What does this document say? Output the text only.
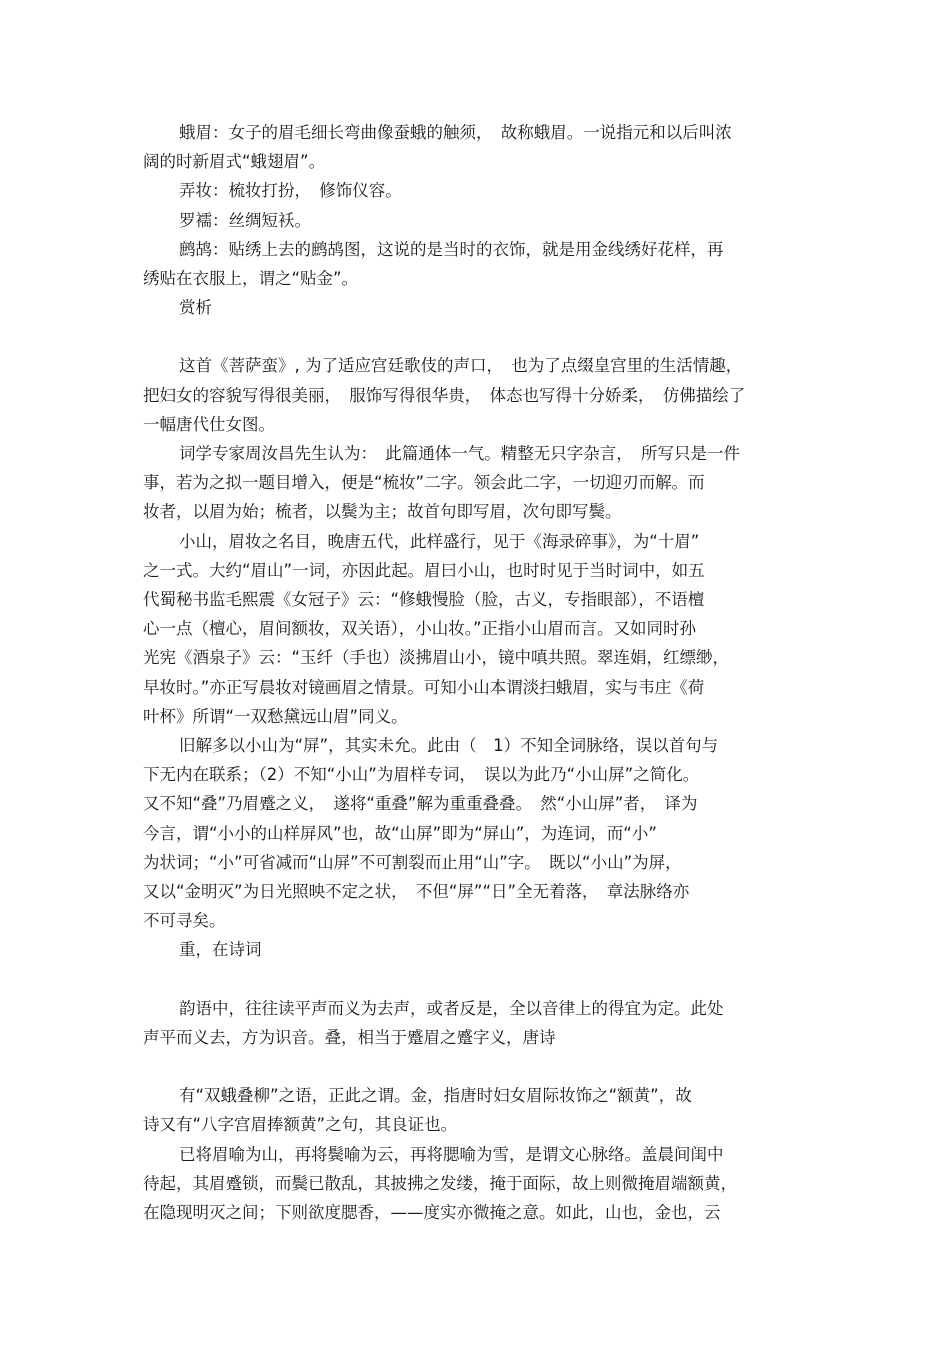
蛾眉：女子的眉毛细长弯曲像蚕蛾的触须，　故称蛾眉。一说指元和以后叫浓
阔的时新眉式“蛾翅眉”。
弄妆：梳妆打扮，　修饰仪容。
罗襦：丝绸短袄。
鹧鸪：贴绣上去的鹧鸪图，这说的是当时的衣饰，就是用金线绣好花样，再
绣贴在衣服上，谓之“贴金”。
赏析
这首《菩萨蛮》, 为了适应宫廷歌伎的声口，　也为了点缀皇宫里的生活情趣，
把妇女的容貌写得很美丽，　服饰写得很华贵，　体态也写得十分娇柔，　仿佛描绘了
一幅唐代仕女图。
词学专家周汝昌先生认为：　此篇通体一气。精整无只字杂言，　所写只是一件
事，若为之拟一题目增入，便是“梳妆”二字。领会此二字，一切迎刃而解。而
妆者，以眉为始；梳者，以鬓为主；故首句即写眉，次句即写鬓。
小山，眉妆之名目，晚唐五代，此样盛行，见于《海录碎事》，为“十眉”
之一式。大约“眉山”一词，亦因此起。眉曰小山，也时时见于当时词中，如五
代蜀秘书监毛熙震《女冠子》云：“修蛾慢脸（脸，古义，专指眼部），不语檀
心一点（檀心，眉间额妆，双关语），小山妆。”正指小山眉而言。又如同时孙
光宪《酒泉子》云：“玉纤（手也）淡拂眉山小，镜中嗔共照。翠连娟，红缥缈，
早妆时。”亦正写晨妆对镜画眉之情景。可知小山本谓淡扫蛾眉，实与韦庄《荷
叶杯》所谓“一双愁黛远山眉”同义。
旧解多以小山为“屏”，其实未允。此由（　1）不知全词脉络，误以首句与
下无内在联系；（2）不知“小山”为眉样专词，　误以为此乃“小山屏”之简化。
又不知“叠”乃眉蹙之义，　遂将“重叠”解为重重叠叠。　然“小山屏”者，　译为
今言，谓“小小的山样屏风”也，故“山屏”即为“屏山”，为连词，而“小”
为状词；“小”可省减而“山屏”不可割裂而止用“山”字。　既以“小山”为屏，
又以“金明灭”为日光照映不定之状，　不但“屏”“日”全无着落，　章法脉络亦
不可寻矣。
重，在诗词
韵语中，往往读平声而义为去声，或者反是，全以音律上的得宜为定。此处
声平而义去，方为识音。叠，相当于蹙眉之蹙字义，唐诗
有“双蛾叠柳”之语，正此之谓。金，指唐时妇女眉际妆饰之“额黄”，故
诗又有“八字宫眉捧额黄”之句，其良证也。
已将眉喻为山，再将鬓喻为云，再将腮喻为雪，是谓文心脉络。盖晨间闺中
待起，其眉蹙锁，而鬓已散乱，其披拂之发缕，掩于面际，故上则微掩眉端额黄，
在隐现明灭之间；下则欲度腮香，——度实亦微掩之意。如此，山也，金也，云
